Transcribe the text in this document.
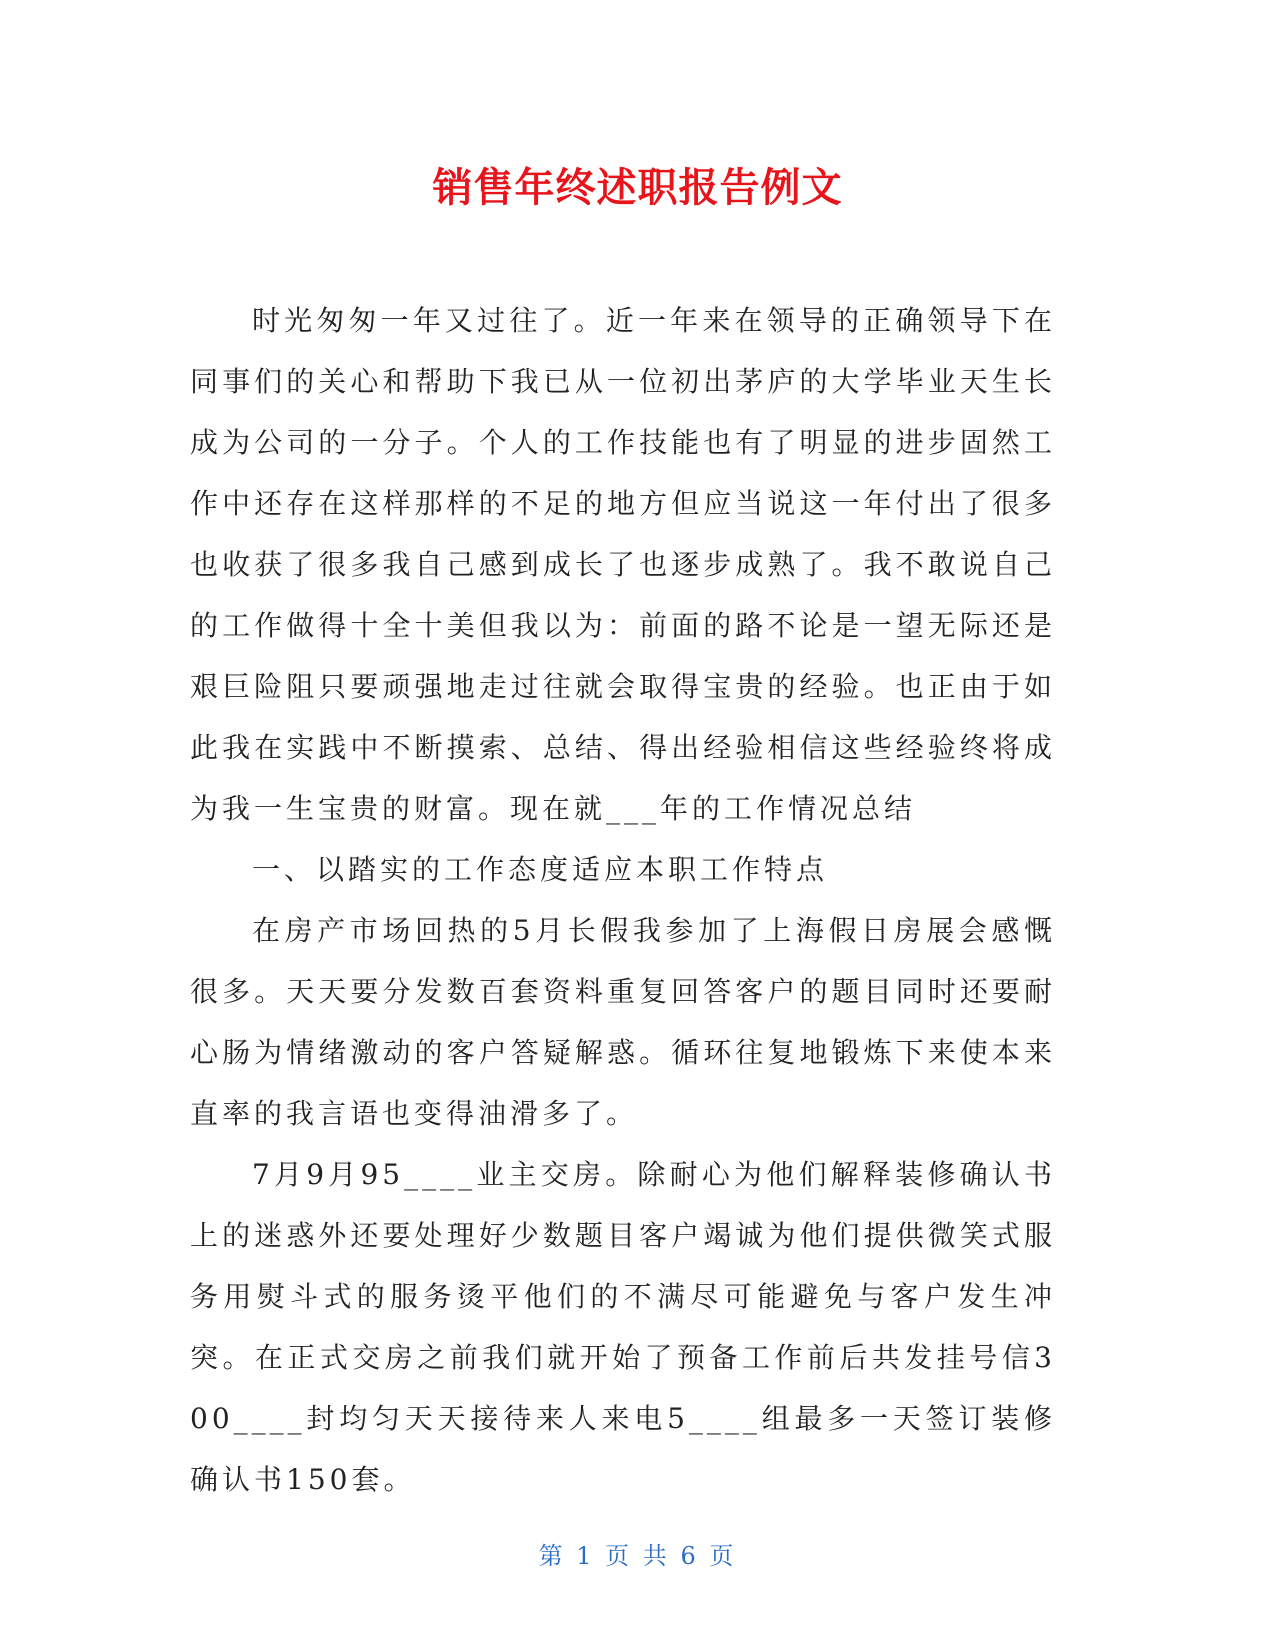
销售年终述职报告例文

时光匆匆一年又过往了。近一年来在领导的正确领导下在同事们的关心和帮助下我已从一位初出茅庐的大学毕业天生长成为公司的一分子。个人的工作技能也有了明显的进步固然工作中还存在这样那样的不足的地方但应当说这一年付出了很多也收获了很多我自己感到成长了也逐步成熟了。我不敢说自己的工作做得十全十美但我以为：前面的路不论是一望无际还是艰巨险阻只要顽强地走过往就会取得宝贵的经验。也正由于如此我在实践中不断摸索、总结、得出经验相信这些经验终将成为我一生宝贵的财富。现在就___年的工作情况总结

一、以踏实的工作态度适应本职工作特点

在房产市场回热的5月长假我参加了上海假日房展会感慨很多。天天要分发数百套资料重复回答客户的题目同时还要耐心肠为情绪激动的客户答疑解惑。循环往复地锻炼下来使本来直率的我言语也变得油滑多了。

7月9月95____业主交房。除耐心为他们解释装修确认书上的迷惑外还要处理好少数题目客户竭诚为他们提供微笑式服务用熨斗式的服务烫平他们的不满尽可能避免与客户发生冲突。在正式交房之前我们就开始了预备工作前后共发挂号信300____封均匀天天接待来人来电5____组最多一天签订装修确认书150套。

第 1 页 共 6 页
